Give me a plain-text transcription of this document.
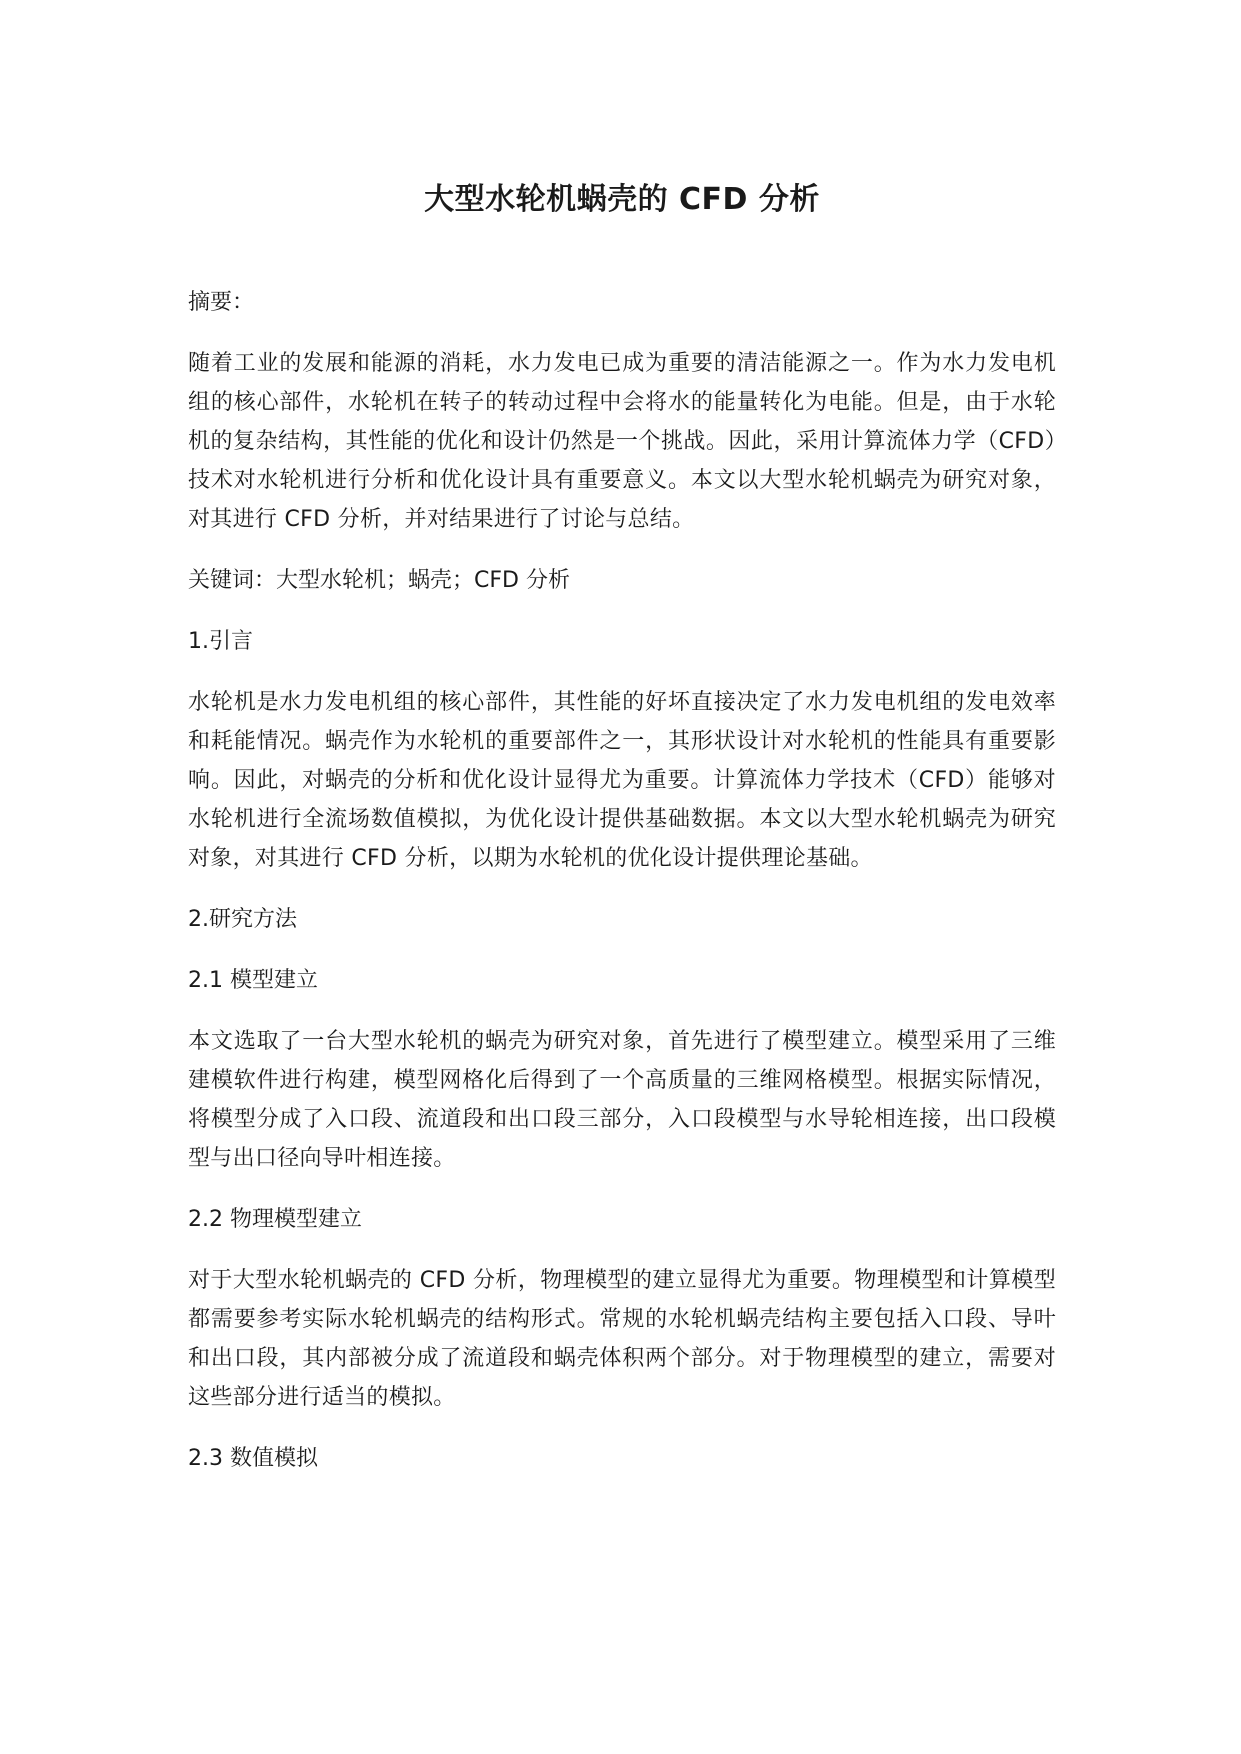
大型水轮机蜗壳的 CFD 分析

摘要：

随着工业的发展和能源的消耗，水力发电已成为重要的清洁能源之一。作为水力发电机组的核心部件，水轮机在转子的转动过程中会将水的能量转化为电能。但是，由于水轮机的复杂结构，其性能的优化和设计仍然是一个挑战。因此，采用计算流体力学（CFD）技术对水轮机进行分析和优化设计具有重要意义。本文以大型水轮机蜗壳为研究对象，对其进行 CFD 分析，并对结果进行了讨论与总结。

关键词：大型水轮机；蜗壳；CFD 分析

1.引言

水轮机是水力发电机组的核心部件，其性能的好坏直接决定了水力发电机组的发电效率和耗能情况。蜗壳作为水轮机的重要部件之一，其形状设计对水轮机的性能具有重要影响。因此，对蜗壳的分析和优化设计显得尤为重要。计算流体力学技术（CFD）能够对水轮机进行全流场数值模拟，为优化设计提供基础数据。本文以大型水轮机蜗壳为研究对象，对其进行 CFD 分析，以期为水轮机的优化设计提供理论基础。

2.研究方法

2.1 模型建立

本文选取了一台大型水轮机的蜗壳为研究对象，首先进行了模型建立。模型采用了三维建模软件进行构建，模型网格化后得到了一个高质量的三维网格模型。根据实际情况，将模型分成了入口段、流道段和出口段三部分，入口段模型与水导轮相连接，出口段模型与出口径向导叶相连接。

2.2 物理模型建立

对于大型水轮机蜗壳的 CFD 分析，物理模型的建立显得尤为重要。物理模型和计算模型都需要参考实际水轮机蜗壳的结构形式。常规的水轮机蜗壳结构主要包括入口段、导叶和出口段，其内部被分成了流道段和蜗壳体积两个部分。对于物理模型的建立，需要对这些部分进行适当的模拟。

2.3 数值模拟
